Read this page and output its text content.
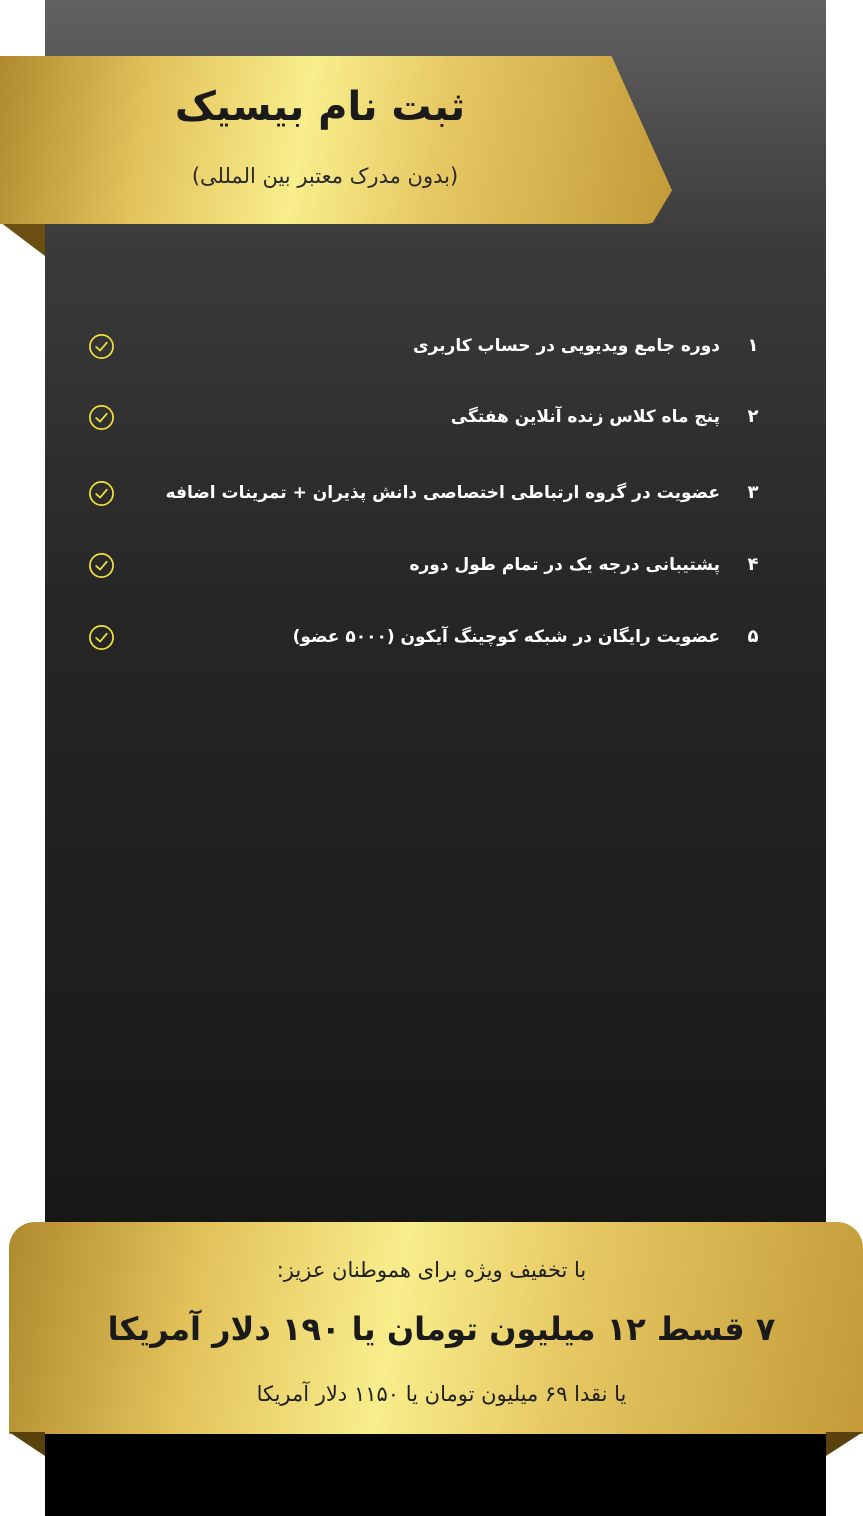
ثبت نام بیسیک
(بدون مدرک معتبر بین المللی)
۱
دوره جامع ویدیویی در حساب کاربری
۲
پنج ماه کلاس زنده آنلاین هفتگی
۳
عضویت در گروه ارتباطی اختصاصی دانش پذیران + تمرینات اضافه
۴
پشتیبانی درجه یک در تمام طول دوره
۵
عضویت رایگان در شبکه کوچینگ آیکون (۵۰۰۰ عضو)
با تخفیف ویژه برای هموطنان عزیز:
۷ قسط ۱۲ میلیون تومان یا ۱۹۰ دلار آمریکا
یا نقدا ۶۹ میلیون تومان یا ۱۱۵۰ دلار آمریکا
